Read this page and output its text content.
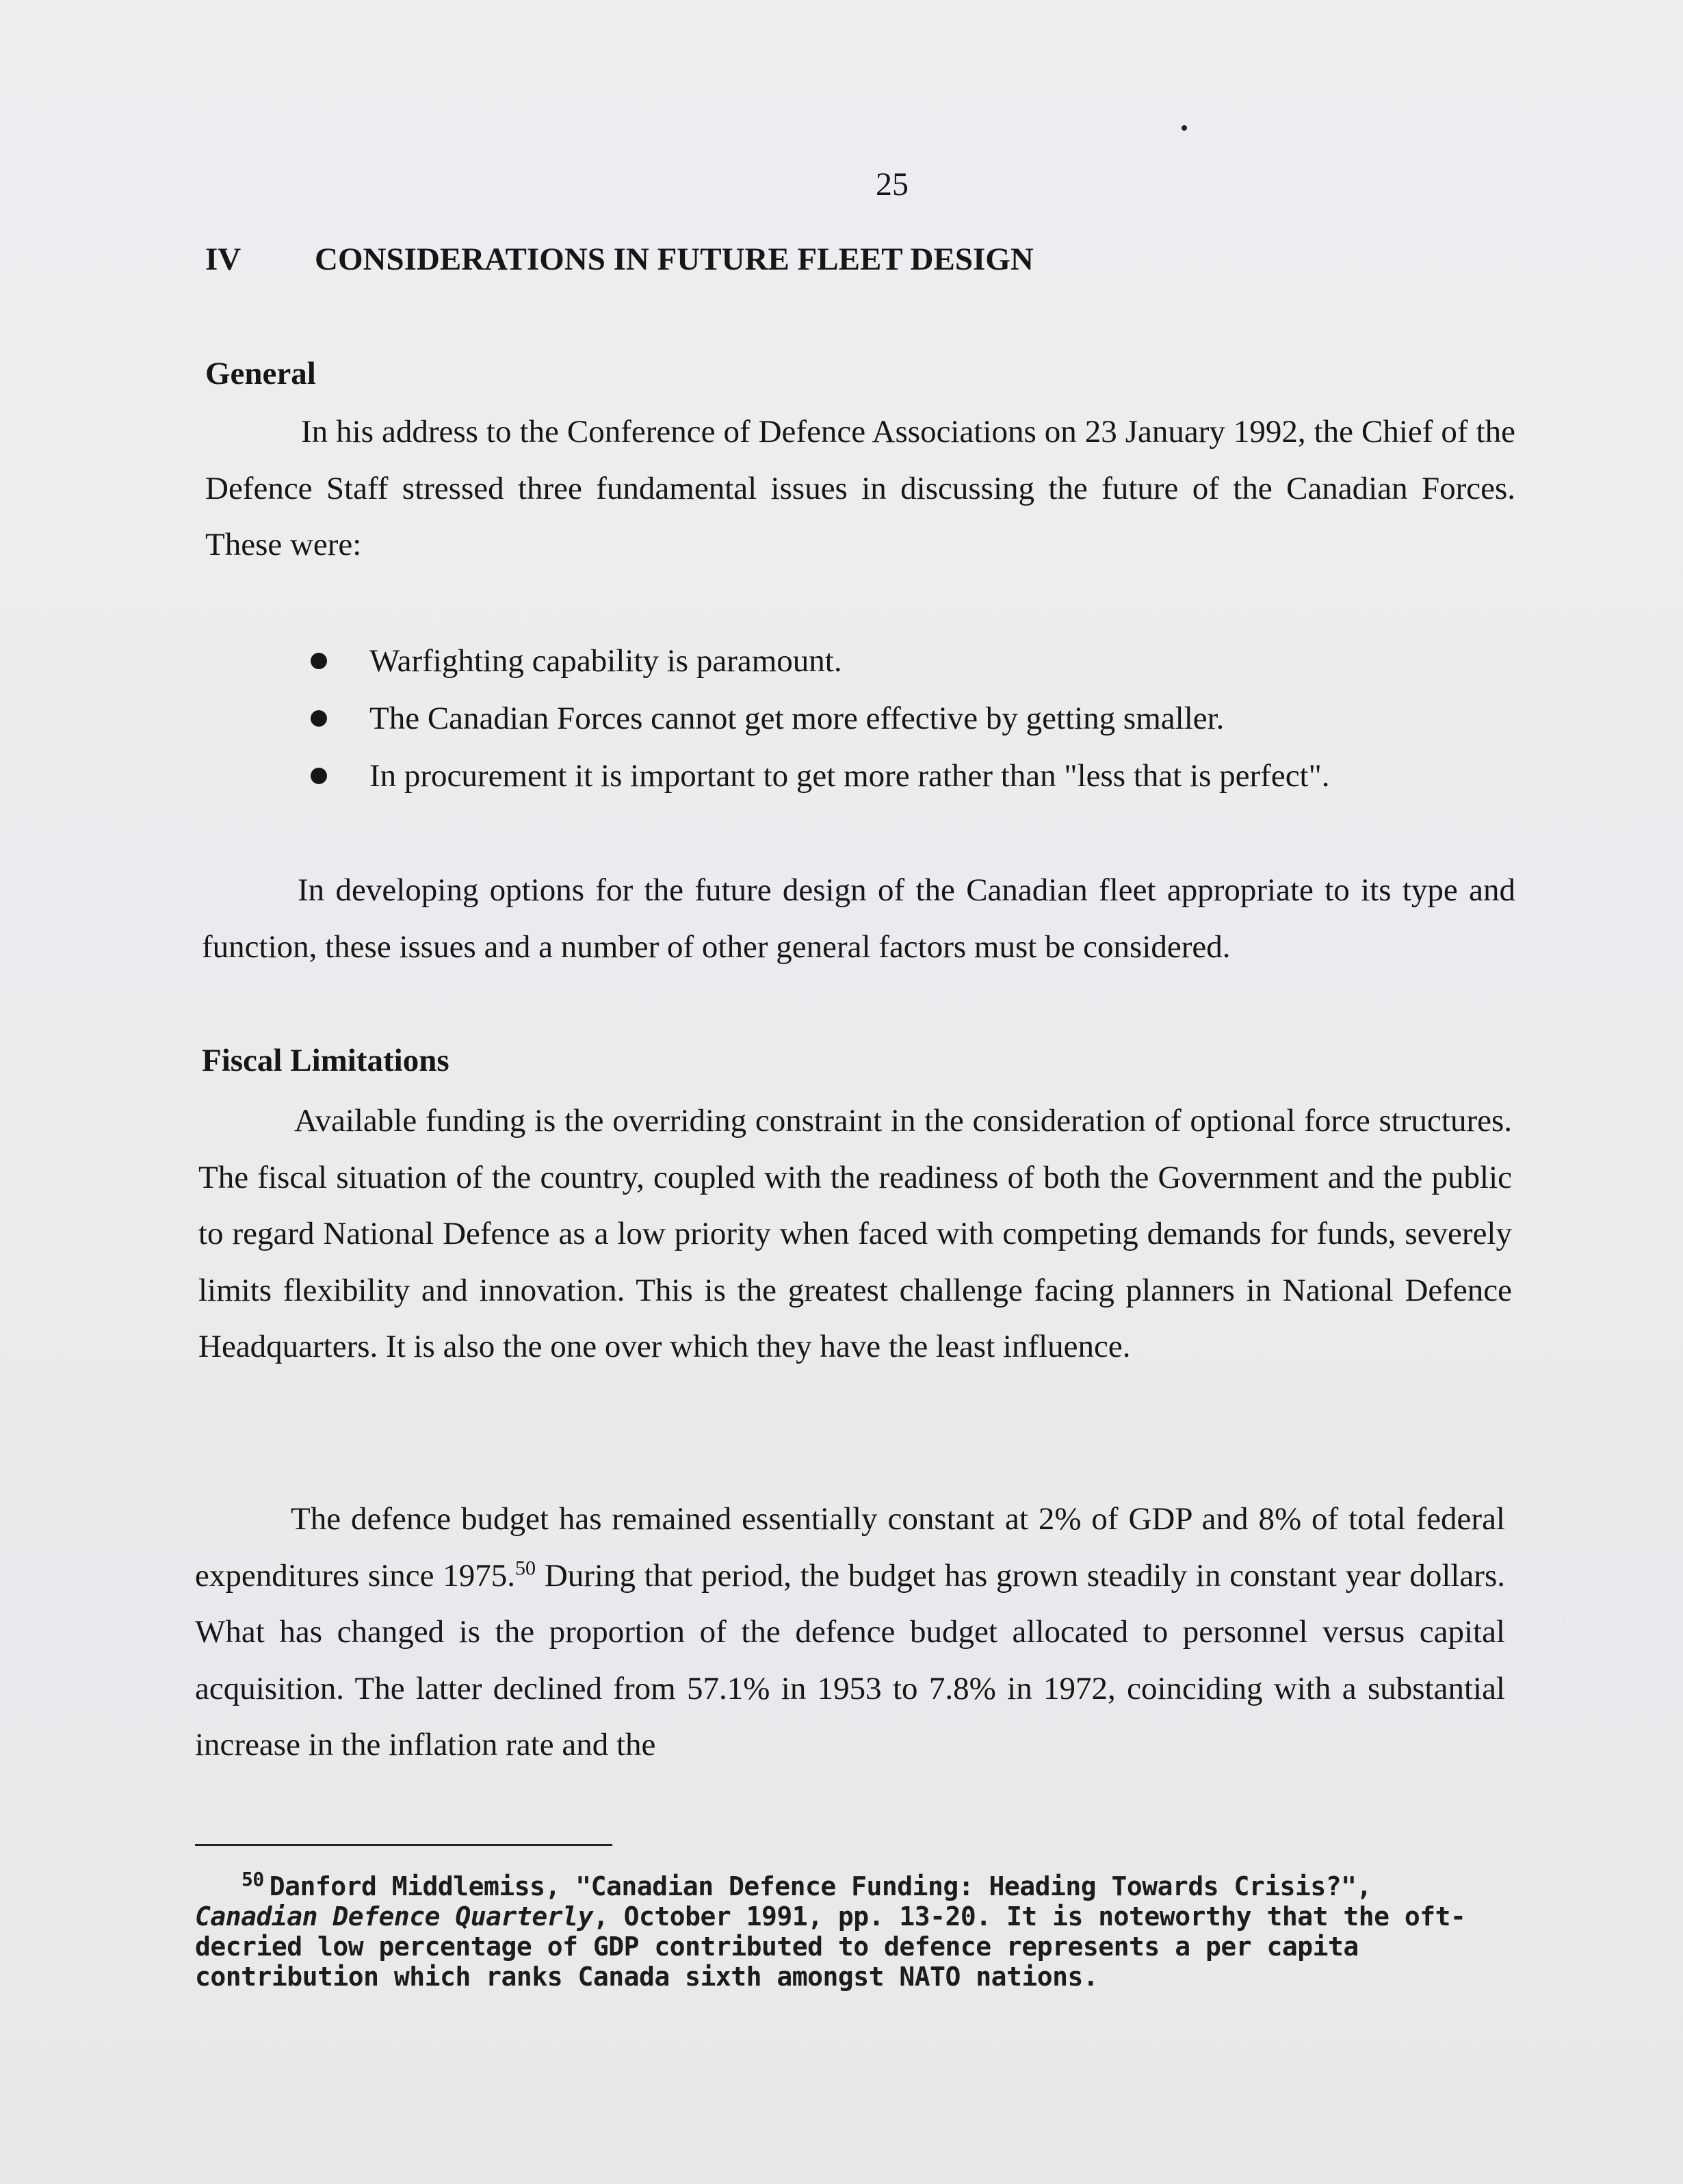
25
IV CONSIDERATIONS IN FUTURE FLEET DESIGN
General
In his address to the Conference of Defence Associations on 23 January 1992, the Chief of the Defence Staff stressed three fundamental issues in discussing the future of the Canadian Forces. These were:
Warfighting capability is paramount.
The Canadian Forces cannot get more effective by getting smaller.
In procurement it is important to get more rather than "less that is perfect".
In developing options for the future design of the Canadian fleet appropriate to its type and function, these issues and a number of other general factors must be considered.
Fiscal Limitations
Available funding is the overriding constraint in the consideration of optional force structures. The fiscal situation of the country, coupled with the readiness of both the Government and the public to regard National Defence as a low priority when faced with competing demands for funds, severely limits flexibility and innovation. This is the greatest challenge facing planners in National Defence Headquarters. It is also the one over which they have the least influence.
The defence budget has remained essentially constant at 2% of GDP and 8% of total federal expenditures since 1975.50 During that period, the budget has grown steadily in constant year dollars. What has changed is the proportion of the defence budget allocated to personnel versus capital acquisition. The latter declined from 57.1% in 1953 to 7.8% in 1972, coinciding with a substantial increase in the inflation rate and the
$^{50}$ Danford Middlemiss, "Canadian Defence Funding: Heading Towards Crisis?", Canadian Defence Quarterly, October 1991, pp. 13-20. It is noteworthy that the oft-decried low percentage of GDP contributed to defence represents a per capita contribution which ranks Canada sixth amongst NATO nations.
